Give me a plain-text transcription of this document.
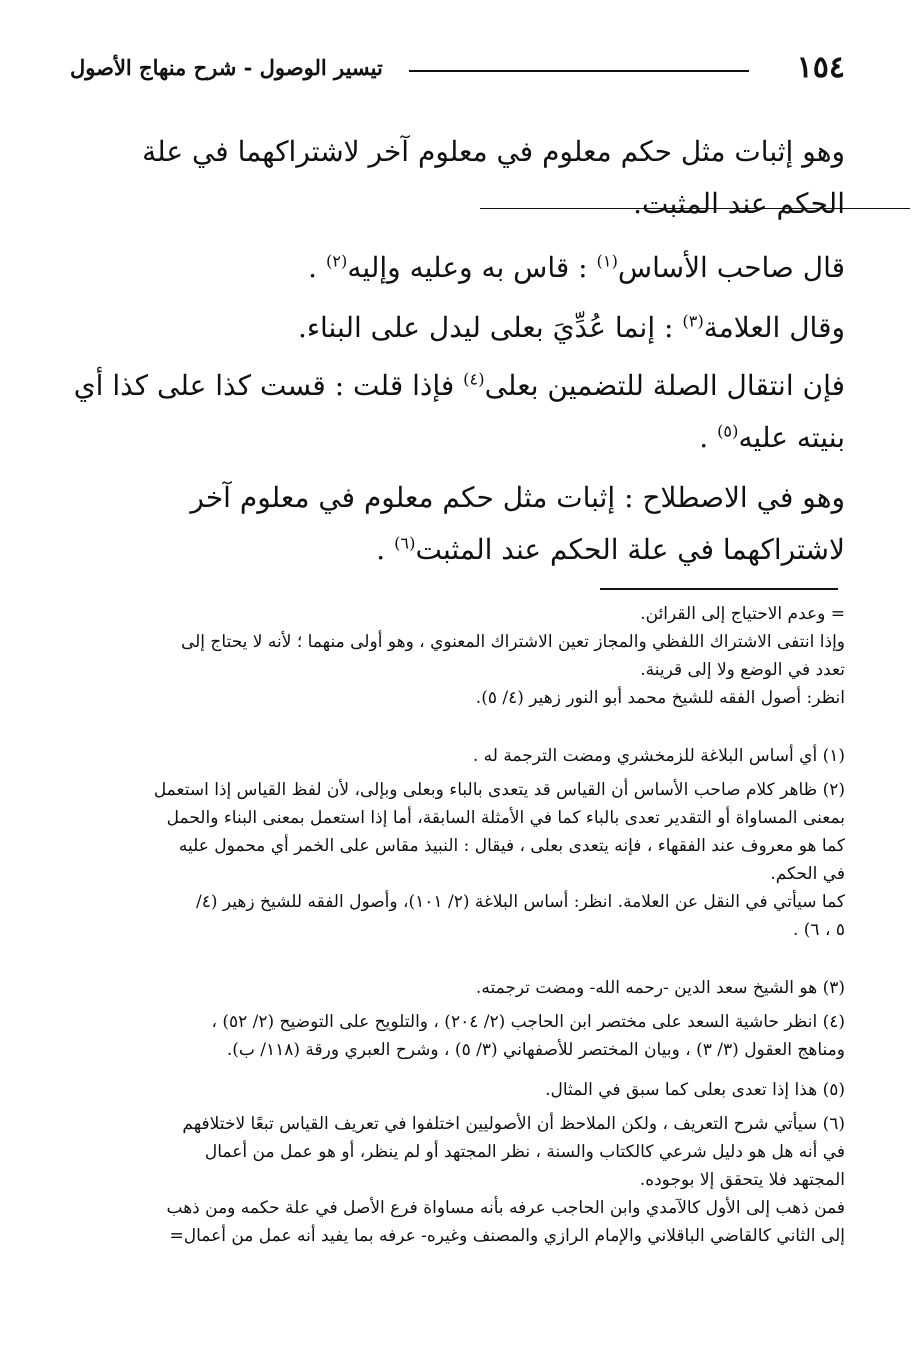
١٥٤
تيسير الوصول - شرح منهاج الأصول
وهو إثبات مثل حكم معلوم في معلوم آخر لاشتراكهما في علة
الحكم عند المثبت.
قال صاحب الأساس$^{(١)}$ : قاس به وعليه وإليه$^{(٢)}$ .
وقال العلامة$^{(٣)}$ : إنما عُدِّيَ بعلى ليدل على البناء.
فإن انتقال الصلة للتضمين بعلى$^{(٤)}$ فإذا قلت : قست كذا على كذا أي
بنيته عليه$^{(٥)}$ .
وهو في الاصطلاح : إثبات مثل حكم معلوم في معلوم آخر
لاشتراكهما في علة الحكم عند المثبت$^{(٦)}$ .
= وعدم الاحتياج إلى القرائن.
وإذا انتفى الاشتراك اللفظي والمجاز تعين الاشتراك المعنوي ، وهو أولى منهما ؛ لأنه لا يحتاج إلى
تعدد في الوضع ولا إلى قرينة.
انظر: أصول الفقه للشيخ محمد أبو النور زهير (٤/ ٥).
(١) أي أساس البلاغة للزمخشري ومضت الترجمة له .
(٢) ظاهر كلام صاحب الأساس أن القياس قد يتعدى بالباء وبعلى وبإلى، لأن لفظ القياس إذا استعمل
بمعنى المساواة أو التقدير تعدى بالباء كما في الأمثلة السابقة، أما إذا استعمل بمعنى البناء والحمل
كما هو معروف عند الفقهاء ، فإنه يتعدى بعلى ، فيقال : النبيذ مقاس على الخمر أي محمول عليه
في الحكم.
كما سيأتي في النقل عن العلامة. انظر: أساس البلاغة (٢/ ١٠١)، وأصول الفقه للشيخ زهير (٤/
٥ ، ٦) .
(٣) هو الشيخ سعد الدين -رحمه الله- ومضت ترجمته.
(٤) انظر حاشية السعد على مختصر ابن الحاجب (٢/ ٢٠٤) ، والتلويح على التوضيح (٢/ ٥٢) ،
ومناهج العقول (٣/ ٣) ، وبيان المختصر للأصفهاني (٣/ ٥) ، وشرح العبري ورقة (١١٨/ ب).
(٥) هذا إذا تعدى بعلى كما سبق في المثال.
(٦) سيأتي شرح التعريف ، ولكن الملاحظ أن الأصوليين اختلفوا في تعريف القياس تبعًا لاختلافهم
في أنه هل هو دليل شرعي كالكتاب والسنة ، نظر المجتهد أو لم ينظر، أو هو عمل من أعمال
المجتهد فلا يتحقق إلا بوجوده.
فمن ذهب إلى الأول كالآمدي وابن الحاجب عرفه بأنه مساواة فرع الأصل في علة حكمه ومن ذهب
إلى الثاني كالقاضي الباقلاني والإمام الرازي والمصنف وغيره- عرفه بما يفيد أنه عمل من أعمال=
